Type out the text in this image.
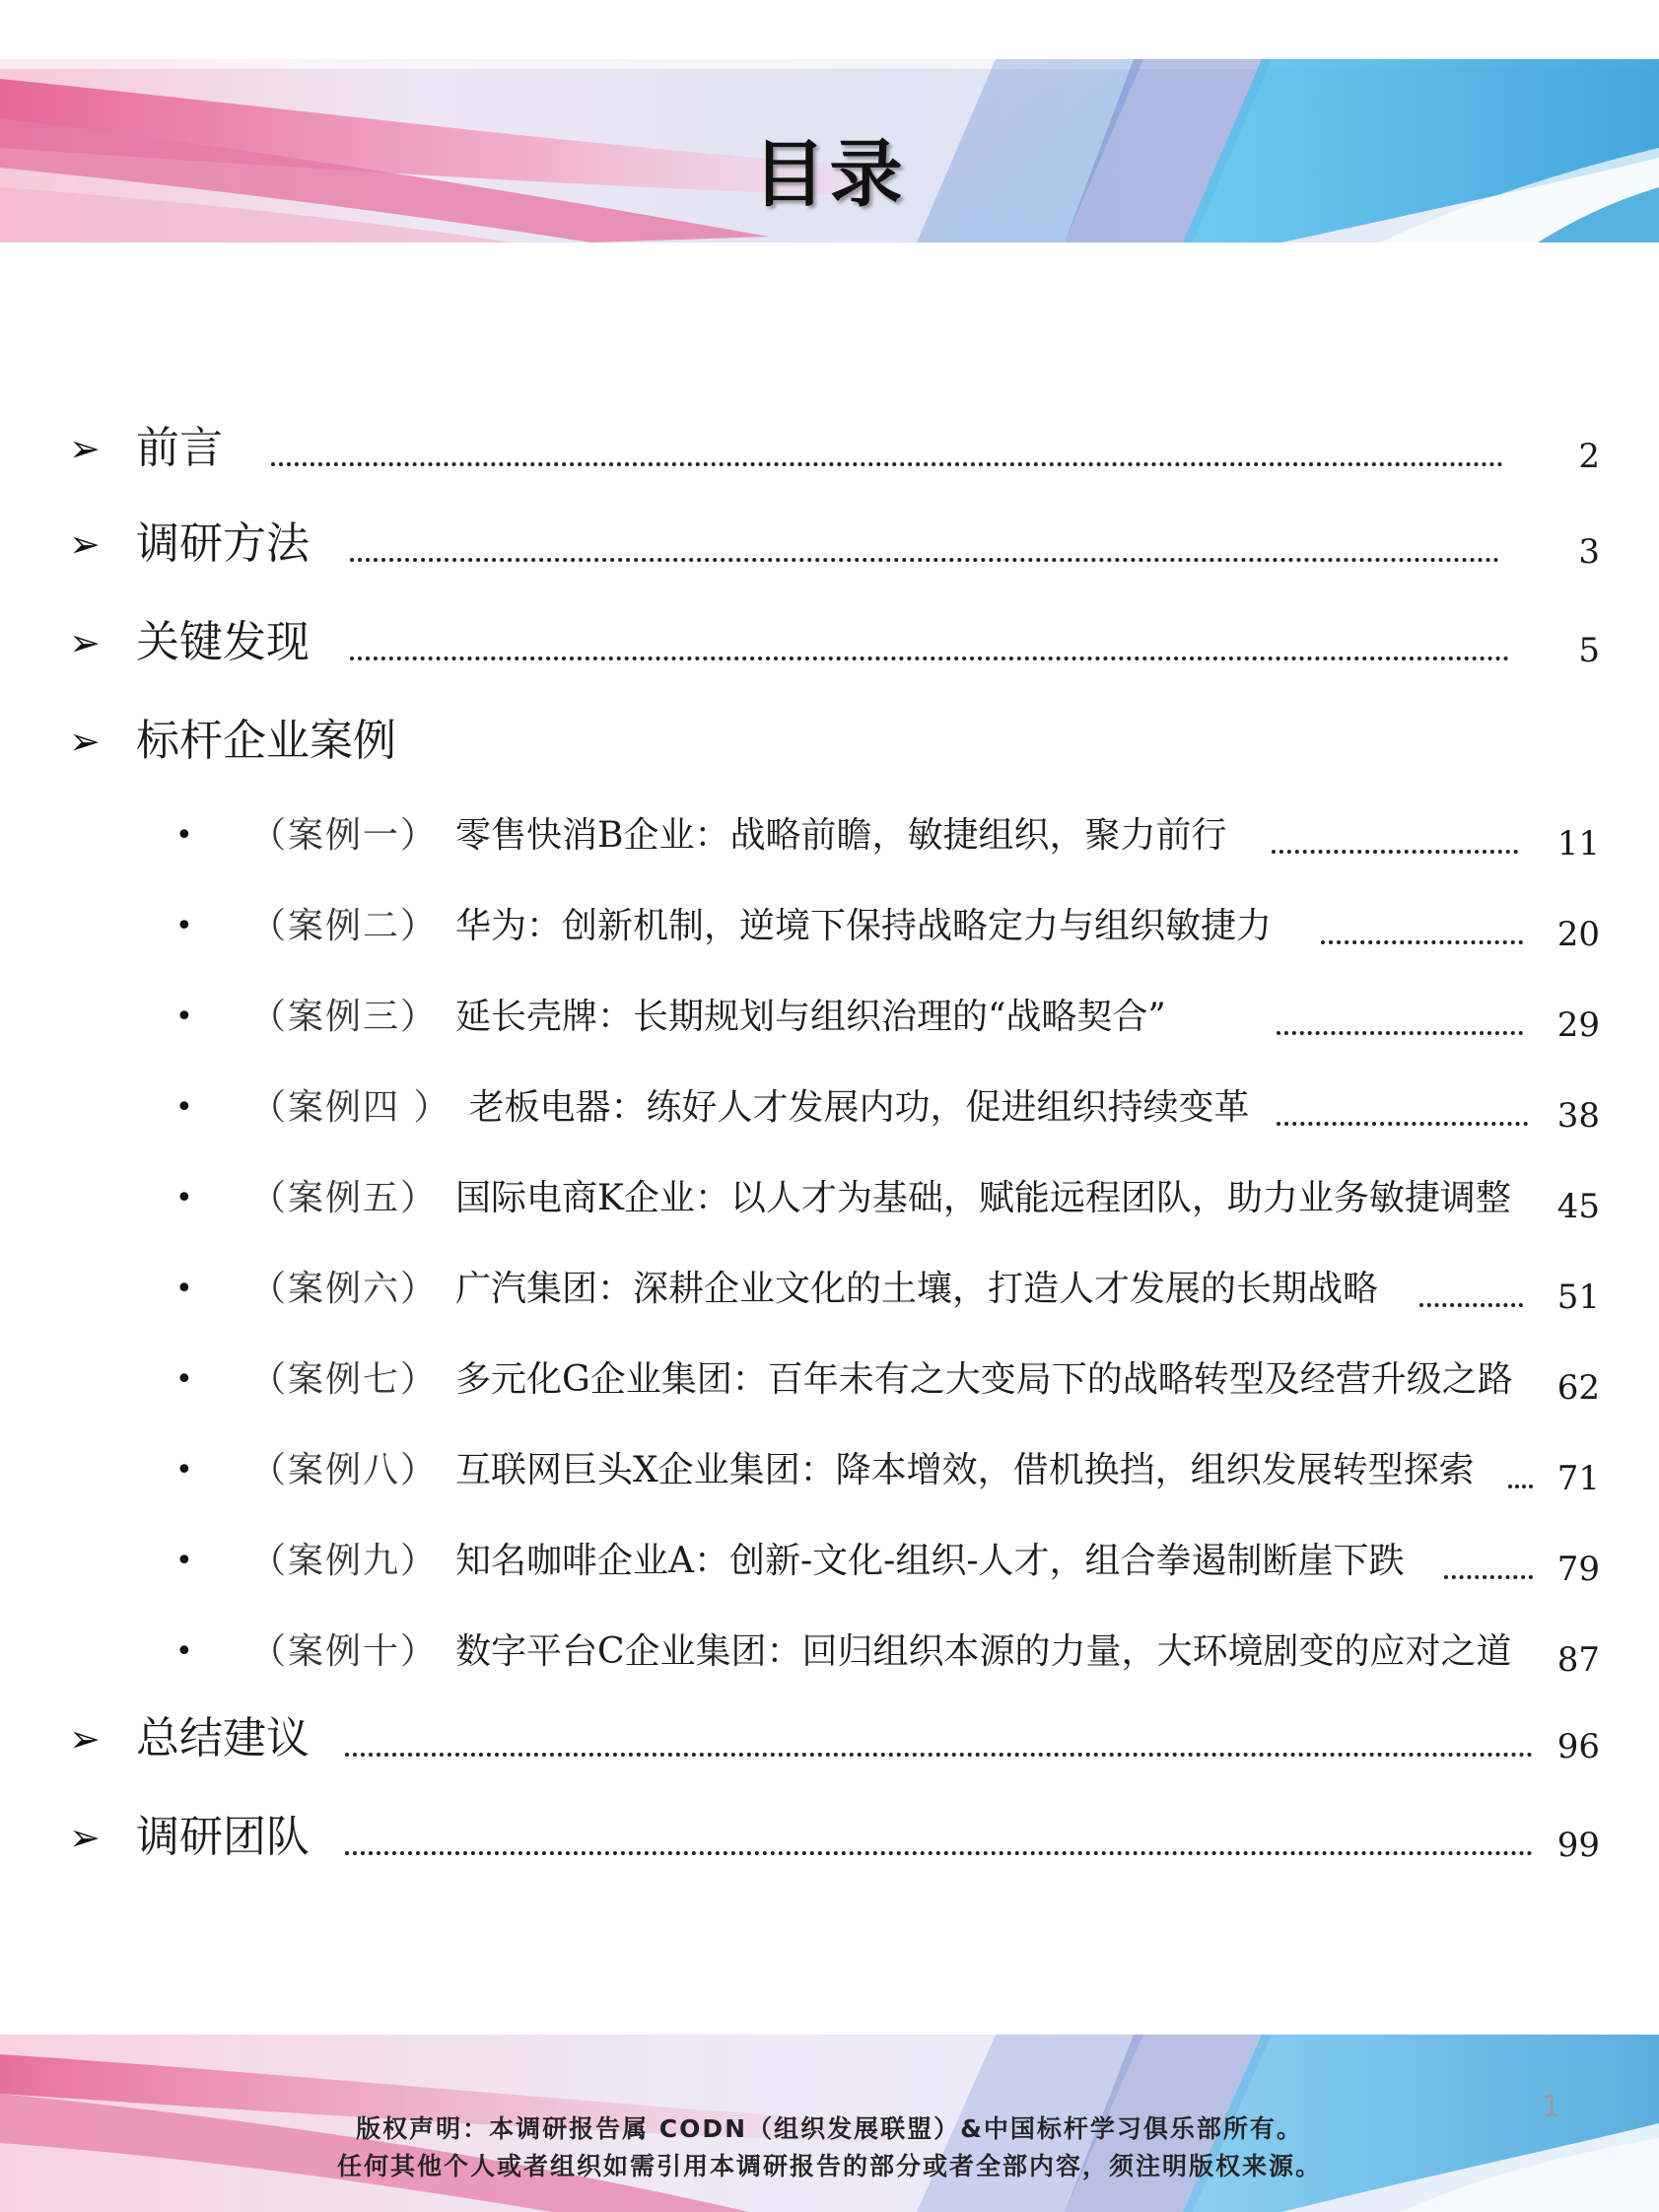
目录
➢ 前言	2
➢ 调研方法	3
➢ 关键发现	5
➢ 标杆企业案例
• （案例一） 零售快消B企业：战略前瞻，敏捷组织，聚力前行	11
• （案例二） 华为：创新机制，逆境下保持战略定力与组织敏捷力	20
• （案例三） 延长壳牌：长期规划与组织治理的“战略契合”	29
• （案例四 ） 老板电器：练好人才发展内功，促进组织持续变革	38
• （案例五） 国际电商K企业：以人才为基础，赋能远程团队，助力业务敏捷调整 45
• （案例六） 广汽集团：深耕企业文化的土壤，打造人才发展的长期战略	51
• （案例七） 多元化G企业集团：百年未有之大变局下的战略转型及经营升级之路 62
• （案例八） 互联网巨头X企业集团：降本增效，借机换挡，组织发展转型探索 71
• （案例九） 知名咖啡企业A：创新-文化-组织-人才，组合拳遏制断崖下跌	79
• （案例十） 数字平台C企业集团：回归组织本源的力量，大环境剧变的应对之道 87
➢ 总结建议	96
➢ 调研团队	99
版权声明：本调研报告属 CODN（组织发展联盟）&中国标杆学习俱乐部所有。
任何其他个人或者组织如需引用本调研报告的部分或者全部内容，须注明版权来源。
1
